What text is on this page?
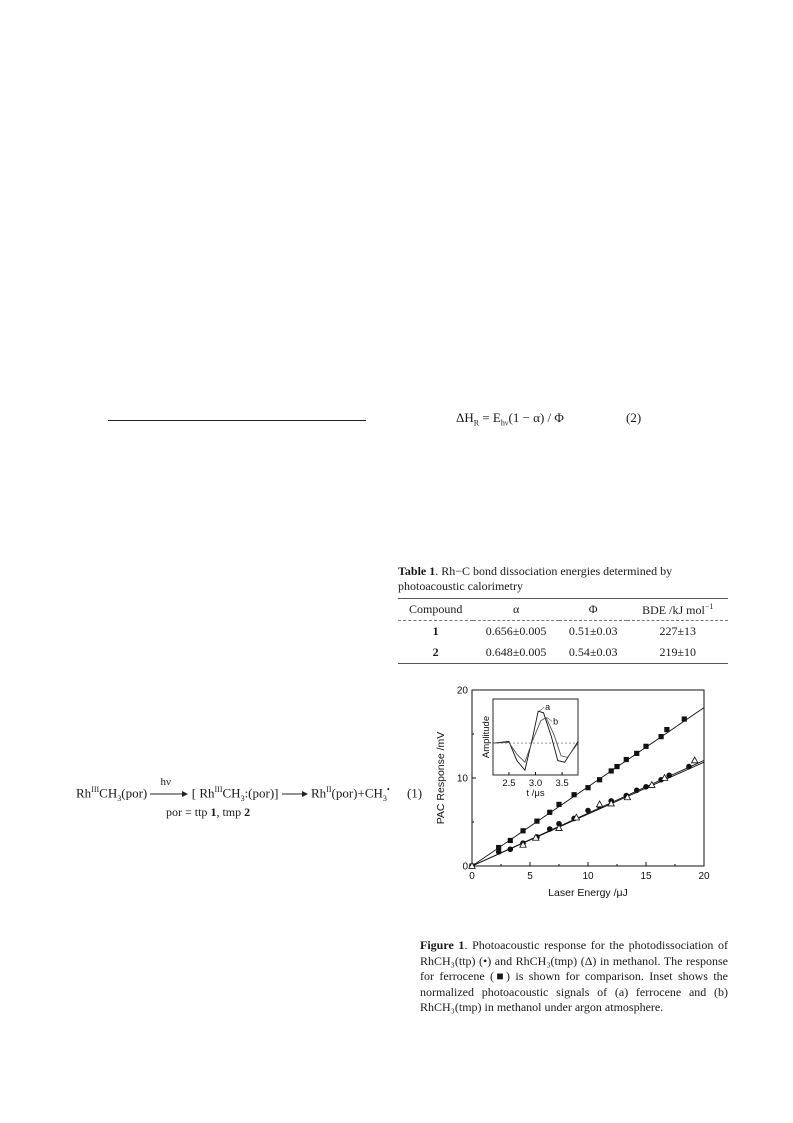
$\Delta H_R = E_{h\nu}(1 - \alpha) / \Phi$	(2)
Table 1. Rh−C bond dissociation energies determined by photoacoustic calorimetry
Compound	α	Φ	BDE /kJ mol$^{-1}$
1	0.656±0.005	0.51±0.03	227±13
2	0.648±0.005	0.54±0.03	219±10
$Rh^{III}CH_3(por)$
hν
[ $Rh^{III}CH_3:(por)$]	$Rh^{II}(por)+CH_3^•$ (1)
por = ttp 1, tmp 2
0	5	10	15	20
0
10
20
Laser Energy /μJ
PAC Response /mV	2.5 3.0 3.5
t /μs
Amplitude
a
b
Figure 1. Photoacoustic response for the photodissociation of RhCH₃(ttp) (•) and RhCH₃(tmp) (Δ) in methanol. The response for ferrocene (■) is shown for comparison. Inset shows the normalized photoacoustic signals of (a) ferrocene and (b) RhCH₃(tmp) in methanol under argon atmosphere.
